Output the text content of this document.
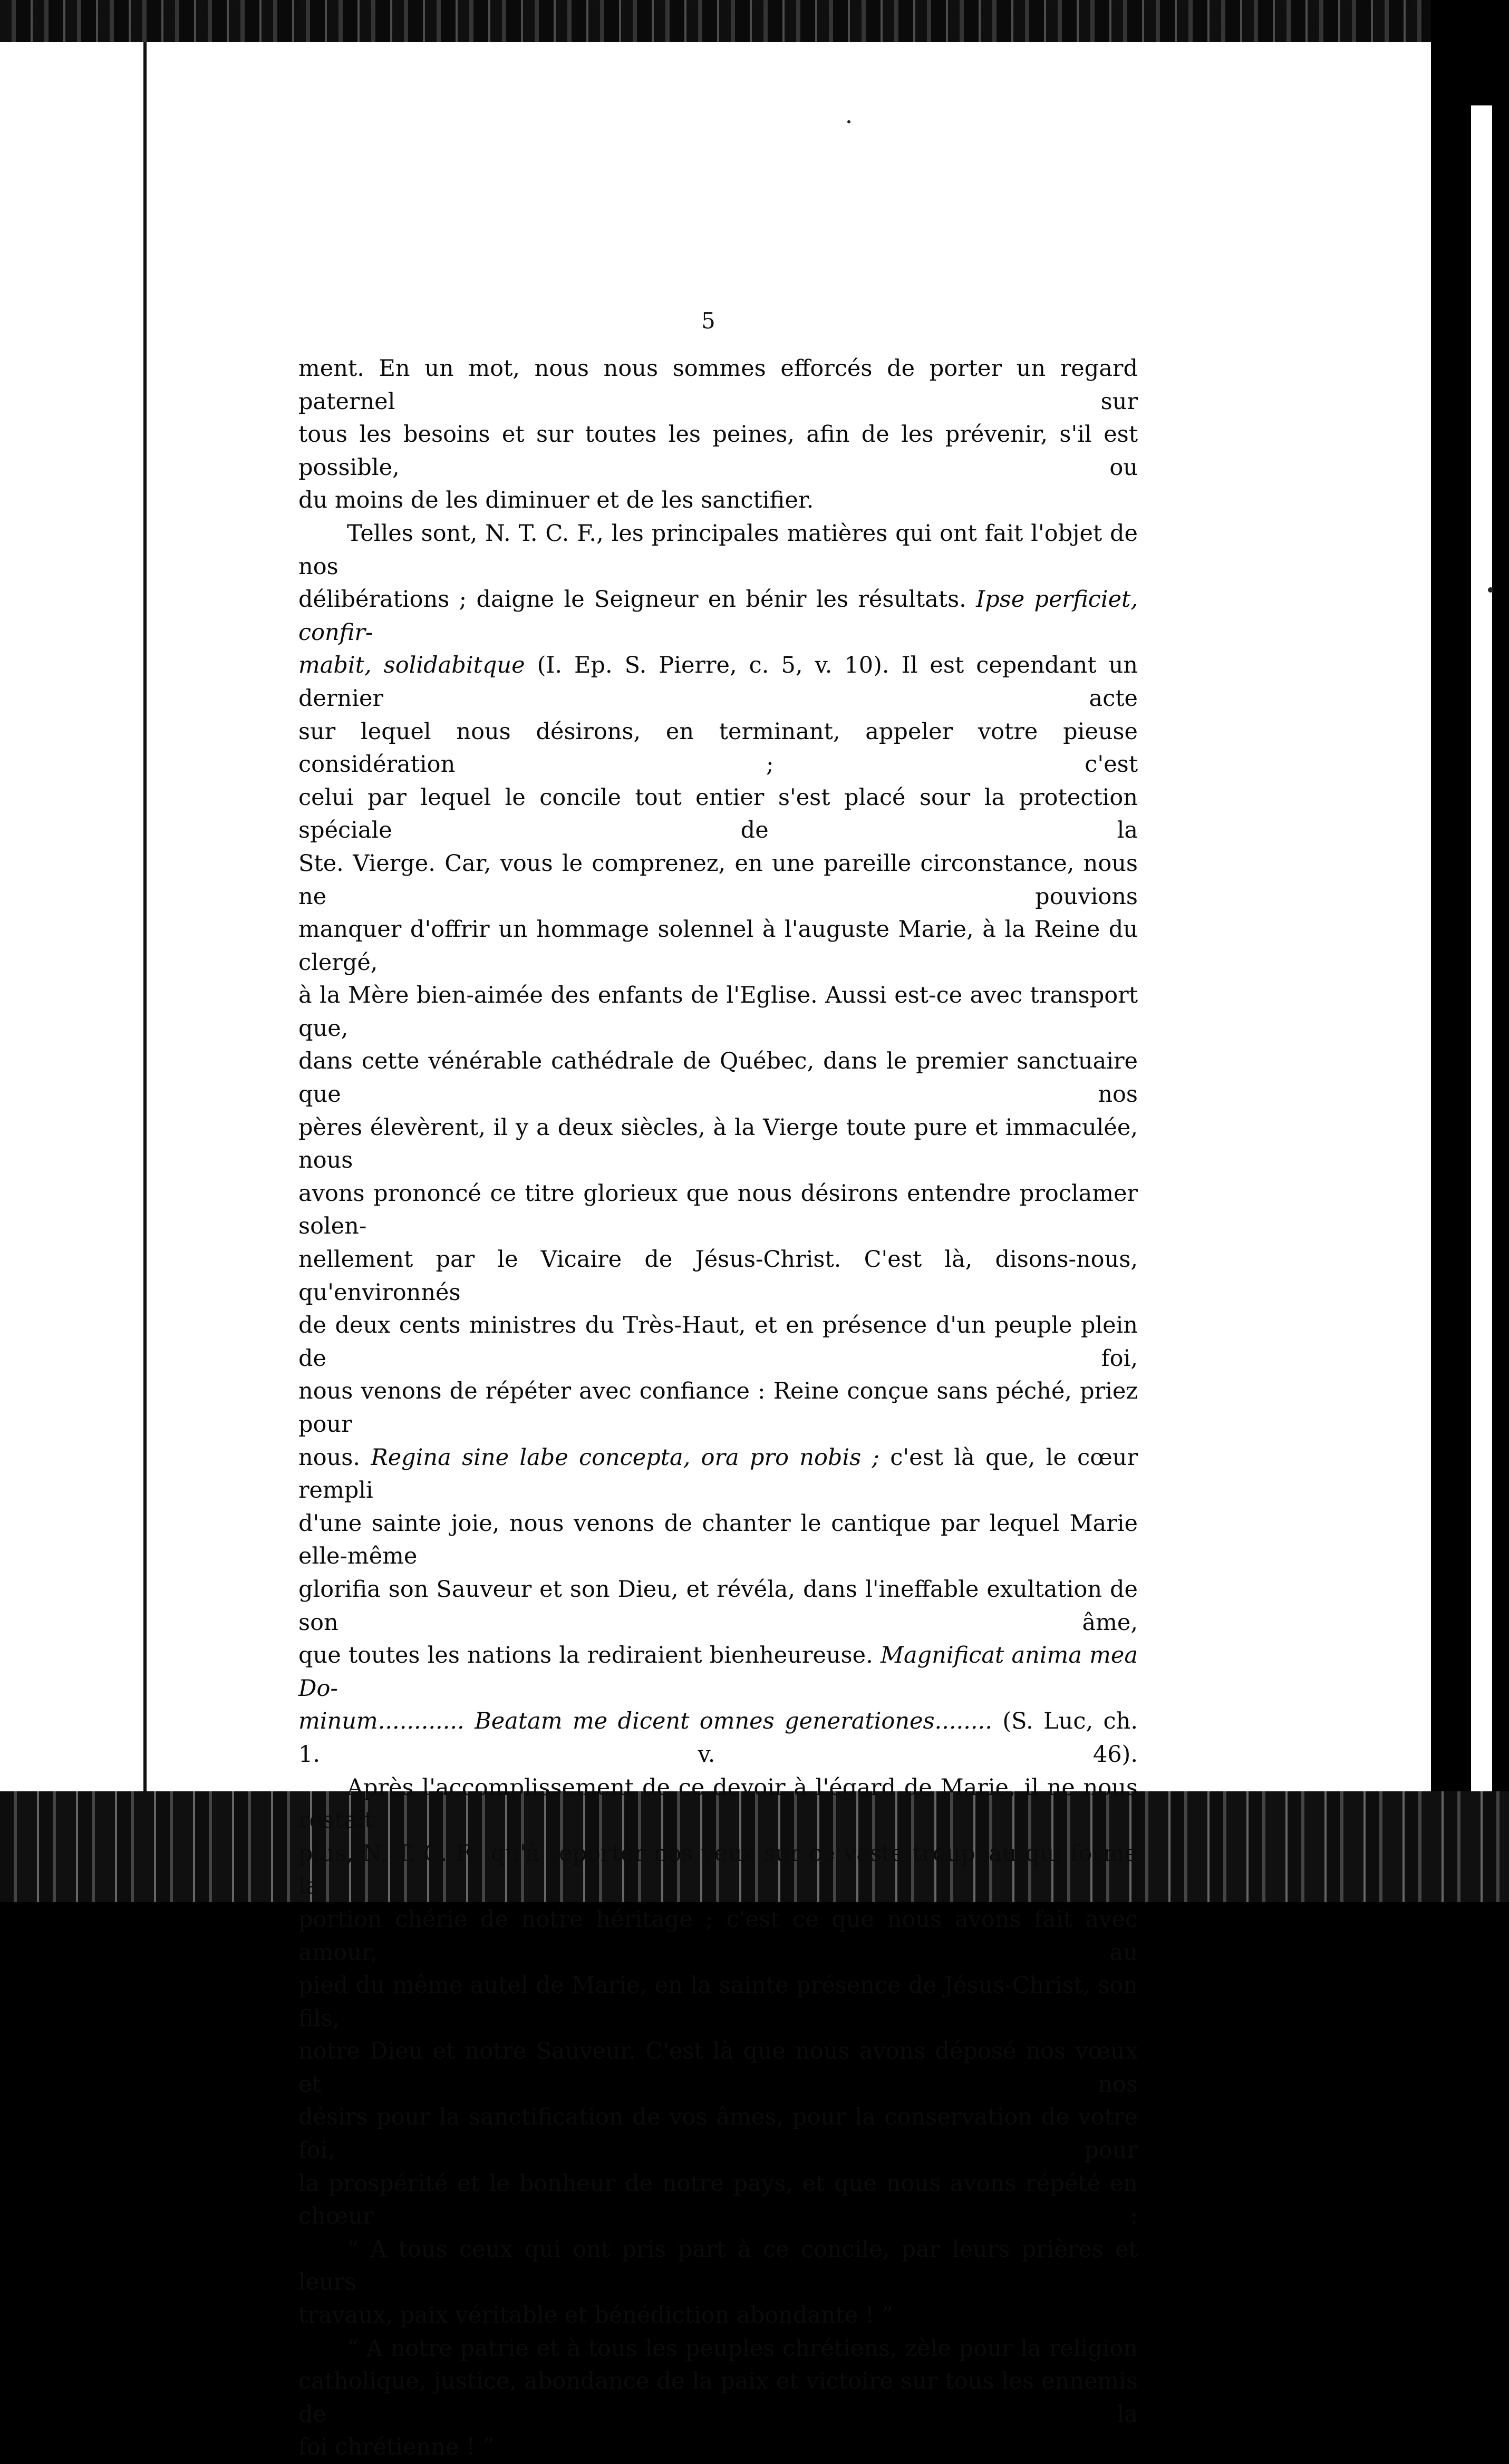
5
ment. En un mot, nous nous sommes efforcés de porter un regard paternel sur
tous les besoins et sur toutes les peines, afin de les prévenir, s'il est possible, ou
du moins de les diminuer et de les sanctifier.
Telles sont, N. T. C. F., les principales matières qui ont fait l'objet de nos
délibérations ; daigne le Seigneur en bénir les résultats. Ipse perficiet, confir-
mabit, solidabitque (I. Ep. S. Pierre, c. 5, v. 10). Il est cependant un dernier acte
sur lequel nous désirons, en terminant, appeler votre pieuse considération ; c'est
celui par lequel le concile tout entier s'est placé sour la protection spéciale de la
Ste. Vierge. Car, vous le comprenez, en une pareille circonstance, nous ne pouvions
manquer d'offrir un hommage solennel à l'auguste Marie, à la Reine du clergé,
à la Mère bien-aimée des enfants de l'Eglise. Aussi est-ce avec transport que,
dans cette vénérable cathédrale de Québec, dans le premier sanctuaire que nos
pères élevèrent, il y a deux siècles, à la Vierge toute pure et immaculée, nous
avons prononcé ce titre glorieux que nous désirons entendre proclamer solen-
nellement par le Vicaire de Jésus-Christ. C'est là, disons-nous, qu'environnés
de deux cents ministres du Très-Haut, et en présence d'un peuple plein de foi,
nous venons de répéter avec confiance : Reine conçue sans péché, priez pour
nous. Regina sine labe concepta, ora pro nobis ; c'est là que, le cœur rempli
d'une sainte joie, nous venons de chanter le cantique par lequel Marie elle-même
glorifia son Sauveur et son Dieu, et révéla, dans l'ineffable exultation de son âme,
que toutes les nations la rediraient bienheureuse. Magnificat anima mea Do-
minum............ Beatam me dicent omnes generationes........ (S. Luc, ch. 1. v. 46).
Après l'accomplissement de ce devoir à l'égard de Marie, il ne nous restait
plus, N. T. C. F., qu'à reporter nos yeux sur ce vaste troupeau qui forme la
portion chérie de notre héritage ; c'est ce que nous avons fait avec amour, au
pied du même autel de Marie, en la sainte présence de Jésus-Christ, son fils,
notre Dieu et notre Sauveur. C'est là que nous avons déposé nos vœux et nos
désirs pour la sanctification de vos âmes, pour la conservation de votre foi, pour
la prospérité et le bonheur de notre pays, et que nous avons répété en chœur :
“ A tous ceux qui ont pris part à ce concile, par leurs prières et leurs
travaux, paix véritable et bénédiction abondante ! ”
“ A notre patrie et à tous les peuples chrétiens, zèle pour la religion
catholique, justice, abondance de la paix et victoire sur tous les ennemis de la
foi chrétienne ! ”
